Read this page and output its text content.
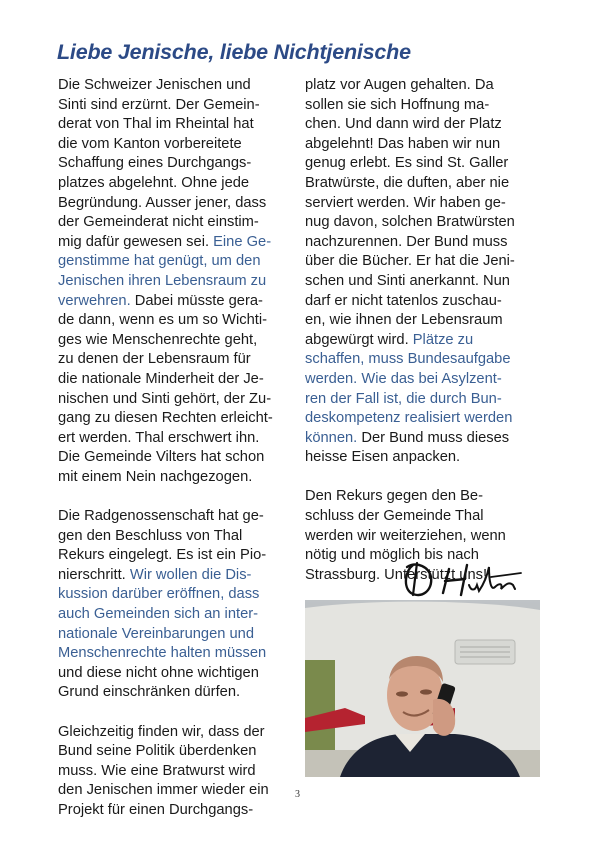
Liebe Jenische, liebe Nichtjenische
Die Schweizer Jenischen und
Sinti sind erzürnt. Der Gemein-
derat von Thal im Rheintal hat
die vom Kanton vorbereitete
Schaffung eines Durchgangs-
platzes abgelehnt. Ohne jede
Begründung. Ausser jener, dass
der Gemeinderat nicht einstim-
mig dafür gewesen sei. Eine Ge-
genstimme hat genügt, um den
Jenischen ihren Lebensraum zu
verwehren. Dabei müsste gera-
de dann, wenn es um so Wichti-
ges wie Menschenrechte geht,
zu denen der Lebensraum für
die nationale Minderheit der Je-
nischen und Sinti gehört, der Zu-
gang zu diesen Rechten erleicht-
ert werden. Thal erschwert ihn.
Die Gemeinde Vilters hat schon
mit einem Nein nachgezogen.
Die Radgenossenschaft hat ge-
gen den Beschluss von Thal
Rekurs eingelegt. Es ist ein Pio-
nierschritt. Wir wollen die Dis-
kussion darüber eröffnen, dass
auch Gemeinden sich an inter-
nationale Vereinbarungen und
Menschenrechte halten müssen
und diese nicht ohne wichtigen
Grund einschränken dürfen.
Gleichzeitig finden wir, dass der
Bund seine Politik überdenken
muss. Wie eine Bratwurst wird
den Jenischen immer wieder ein
Projekt für einen Durchgangs-
platz vor Augen gehalten. Da
sollen sie sich Hoffnung ma-
chen. Und dann wird der Platz
abgelehnt! Das haben wir nun
genug erlebt. Es sind St. Galler
Bratwürste, die duften, aber nie
serviert werden. Wir haben ge-
nug davon, solchen Bratwürsten
nachzurennen. Der Bund muss
über die Bücher. Er hat die Jeni-
schen und Sinti anerkannt. Nun
darf er nicht tatenlos zuschau-
en, wie ihnen der Lebensraum
abgewürgt wird. Plätze zu
schaffen, muss Bundesaufgabe
werden. Wie das bei Asylzent-
ren der Fall ist, die durch Bun-
deskompetenz realisiert werden
können. Der Bund muss dieses
heisse Eisen anpacken.
Den Rekurs gegen den Be-
schluss der Gemeinde Thal
werden wir weiterziehen, wenn
nötig und möglich bis nach
Strassburg. Unterstützt uns!
3
